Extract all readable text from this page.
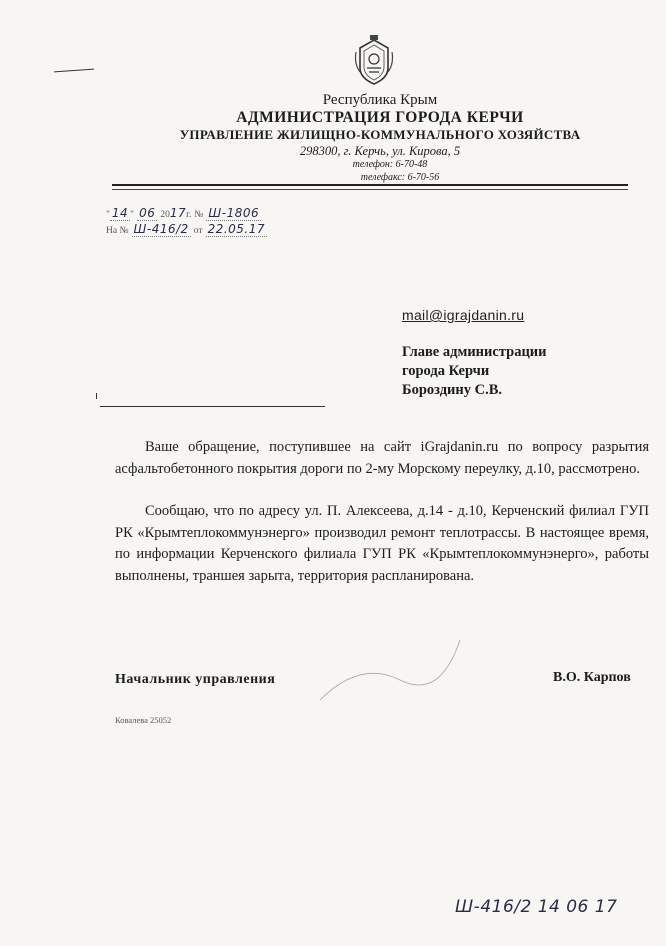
Республика Крым
АДМИНИСТРАЦИЯ ГОРОДА КЕРЧИ
УПРАВЛЕНИЕ ЖИЛИЩНО-КОММУНАЛЬНОГО ХОЗЯЙСТВА
298300, г. Керчь, ул. Кирова, 5
телефон: 6-70-48
телефакс: 6-70-56
" 14 " 06 2017г. № Ш-1806
На № Ш-416/2 от 22.05.17
mail@igrajdanin.ru
Главе администрации
города Керчи
Бороздину С.В.
Ваше обращение, поступившее на сайт iGrajdanin.ru по вопросу разрытия асфальтобетонного покрытия дороги по 2-му Морскому переулку, д.10, рассмотрено.
Сообщаю, что по адресу ул. П. Алексеева, д.14 - д.10, Керченский филиал ГУП РК «Крымтеплокоммунэнерго» производил ремонт теплотрассы. В настоящее время, по информации Керченского филиала ГУП РК «Крымтеплокоммунэнерго», работы выполнены, траншея зарыта, территория распланирована.
Начальник управления	В.О. Карпов
Ковалева 25052
Ш-416/2 14 06 17
